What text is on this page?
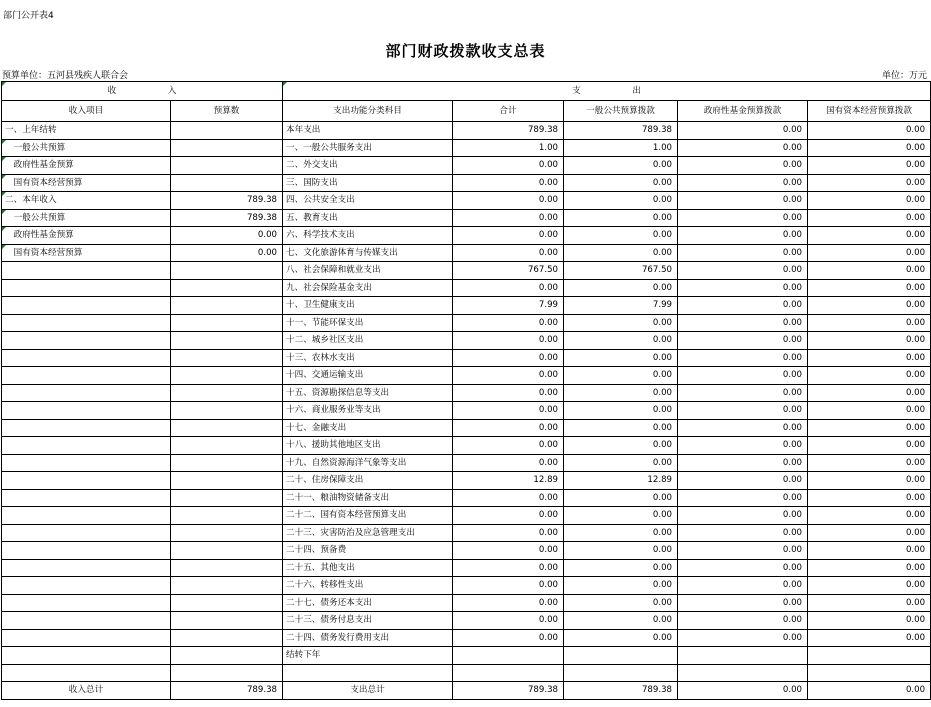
部门公开表4
部门财政拨款收支总表
预算单位：五河县残疾人联合会	单位：万元
收　　　　　　入		支　　　　　　出				
收入项目	预算数	支出功能分类科目	合计	一般公共预算拨款	政府性基金预算拨款	国有资本经营预算拨款
一、上年结转		本年支出	789.38	789.38	0.00	0.00
　一般公共预算		一、一般公共服务支出	1.00	1.00	0.00	0.00
　政府性基金预算		二、外交支出	0.00	0.00	0.00	0.00
　国有资本经营预算		三、国防支出	0.00	0.00	0.00	0.00
二、本年收入	789.38	四、公共安全支出	0.00	0.00	0.00	0.00
　一般公共预算	789.38	五、教育支出	0.00	0.00	0.00	0.00
　政府性基金预算	0.00	六、科学技术支出	0.00	0.00	0.00	0.00
　国有资本经营预算	0.00	七、文化旅游体育与传媒支出	0.00	0.00	0.00	0.00
		八、社会保障和就业支出	767.50	767.50	0.00	0.00
		九、社会保险基金支出	0.00	0.00	0.00	0.00
		十、卫生健康支出	7.99	7.99	0.00	0.00
		十一、节能环保支出	0.00	0.00	0.00	0.00
		十二、城乡社区支出	0.00	0.00	0.00	0.00
		十三、农林水支出	0.00	0.00	0.00	0.00
		十四、交通运输支出	0.00	0.00	0.00	0.00
		十五、资源勘探信息等支出	0.00	0.00	0.00	0.00
		十六、商业服务业等支出	0.00	0.00	0.00	0.00
		十七、金融支出	0.00	0.00	0.00	0.00
		十八、援助其他地区支出	0.00	0.00	0.00	0.00
		十九、自然资源海洋气象等支出	0.00	0.00	0.00	0.00
		二十、住房保障支出	12.89	12.89	0.00	0.00
		二十一、粮油物资储备支出	0.00	0.00	0.00	0.00
		二十二、国有资本经营预算支出	0.00	0.00	0.00	0.00
		二十三、灾害防治及应急管理支出	0.00	0.00	0.00	0.00
		二十四、预备费	0.00	0.00	0.00	0.00
		二十五、其他支出	0.00	0.00	0.00	0.00
		二十六、转移性支出	0.00	0.00	0.00	0.00
		二十七、债务还本支出	0.00	0.00	0.00	0.00
		二十三、债务付息支出	0.00	0.00	0.00	0.00
		二十四、债务发行费用支出	0.00	0.00	0.00	0.00
		结转下年				

收入总计	789.38	支出总计	789.38	789.38	0.00	0.00
